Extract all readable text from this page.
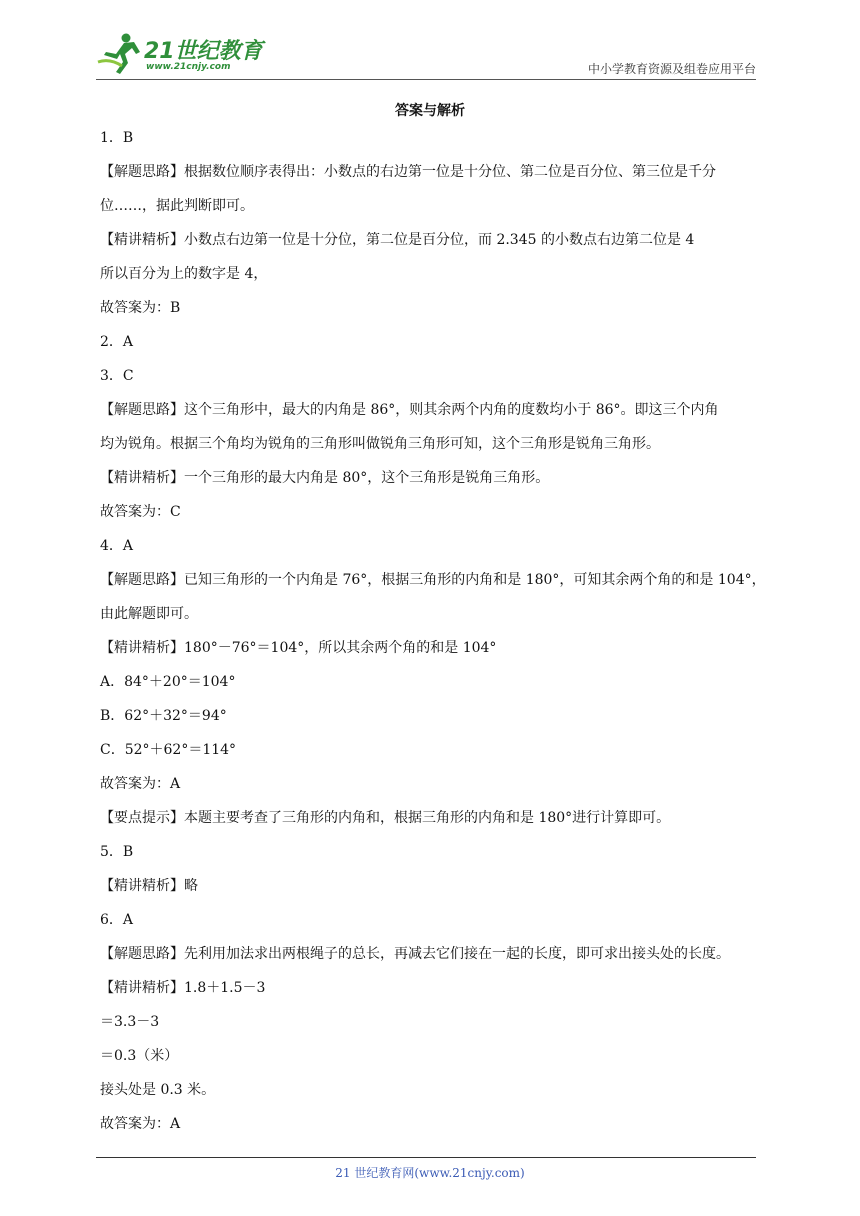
21世纪教育
www.21cnjy.com	中小学教育资源及组卷应用平台
答案与解析
1．B
【解题思路】根据数位顺序表得出：小数点的右边第一位是十分位、第二位是百分位、第三位是千分
位……，据此判断即可。
【精讲精析】小数点右边第一位是十分位，第二位是百分位，而 2.345 的小数点右边第二位是 4
所以百分为上的数字是 4，
故答案为：B
2．A
3．C
【解题思路】这个三角形中，最大的内角是 86°，则其余两个内角的度数均小于 86°。即这三个内角
均为锐角。根据三个角均为锐角的三角形叫做锐角三角形可知，这个三角形是锐角三角形。
【精讲精析】一个三角形的最大内角是 80°，这个三角形是锐角三角形。
故答案为：C
4．A
【解题思路】已知三角形的一个内角是 76°，根据三角形的内角和是 180°，可知其余两个角的和是 104°，
由此解题即可。
【精讲精析】180°－76°＝104°，所以其余两个角的和是 104°
A．84°＋20°＝104°
B．62°＋32°＝94°
C．52°＋62°＝114°
故答案为：A
【要点提示】本题主要考查了三角形的内角和，根据三角形的内角和是 180°进行计算即可。
5．B
【精讲精析】略
6．A
【解题思路】先利用加法求出两根绳子的总长，再减去它们接在一起的长度，即可求出接头处的长度。
【精讲精析】1.8＋1.5－3
＝3.3－3
＝0.3（米）
接头处是 0.3 米。
故答案为：A
21 世纪教育网(www.21cnjy.com)
